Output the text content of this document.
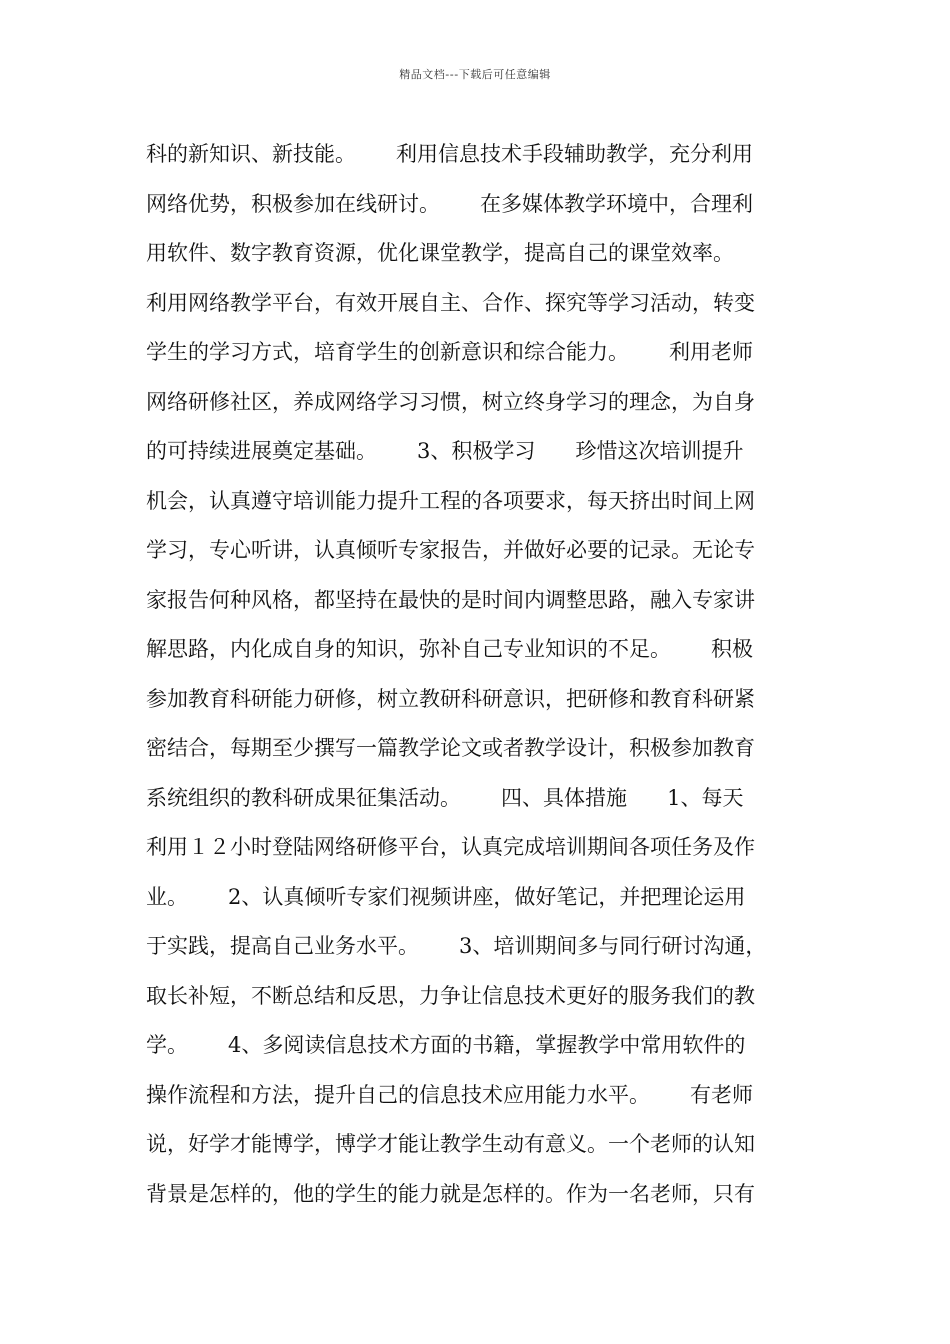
精品文档---下载后可任意编辑
科的新知识、新技能。      利用信息技术手段辅助教学，充分利用
网络优势，积极参加在线研讨。      在多媒体教学环境中，合理利
用软件、数字教育资源，优化课堂教学，提高自己的课堂效率。
利用网络教学平台，有效开展自主、合作、探究等学习活动，转变
学生的学习方式，培育学生的创新意识和综合能力。      利用老师
网络研修社区，养成网络学习习惯，树立终身学习的理念，为自身
的可持续进展奠定基础。      3、积极学习      珍惜这次培训提升
机会，认真遵守培训能力提升工程的各项要求，每天挤出时间上网
学习，专心听讲，认真倾听专家报告，并做好必要的记录。无论专
家报告何种风格，都坚持在最快的是时间内调整思路，融入专家讲
解思路，内化成自身的知识，弥补自己专业知识的不足。      积极
参加教育科研能力研修，树立教研科研意识，把研修和教育科研紧
密结合，每期至少撰写一篇教学论文或者教学设计，积极参加教育
系统组织的教科研成果征集活动。      四、具体措施      1、每天
利用１２小时登陆网络研修平台，认真完成培训期间各项任务及作
业。      2、认真倾听专家们视频讲座，做好笔记，并把理论运用
于实践，提高自己业务水平。      3、培训期间多与同行研讨沟通，
取长补短，不断总结和反思，力争让信息技术更好的服务我们的教
学。      4、多阅读信息技术方面的书籍，掌握教学中常用软件的
操作流程和方法，提升自己的信息技术应用能力水平。      有老师
说，好学才能博学，博学才能让教学生动有意义。一个老师的认知
背景是怎样的，他的学生的能力就是怎样的。作为一名老师，只有
